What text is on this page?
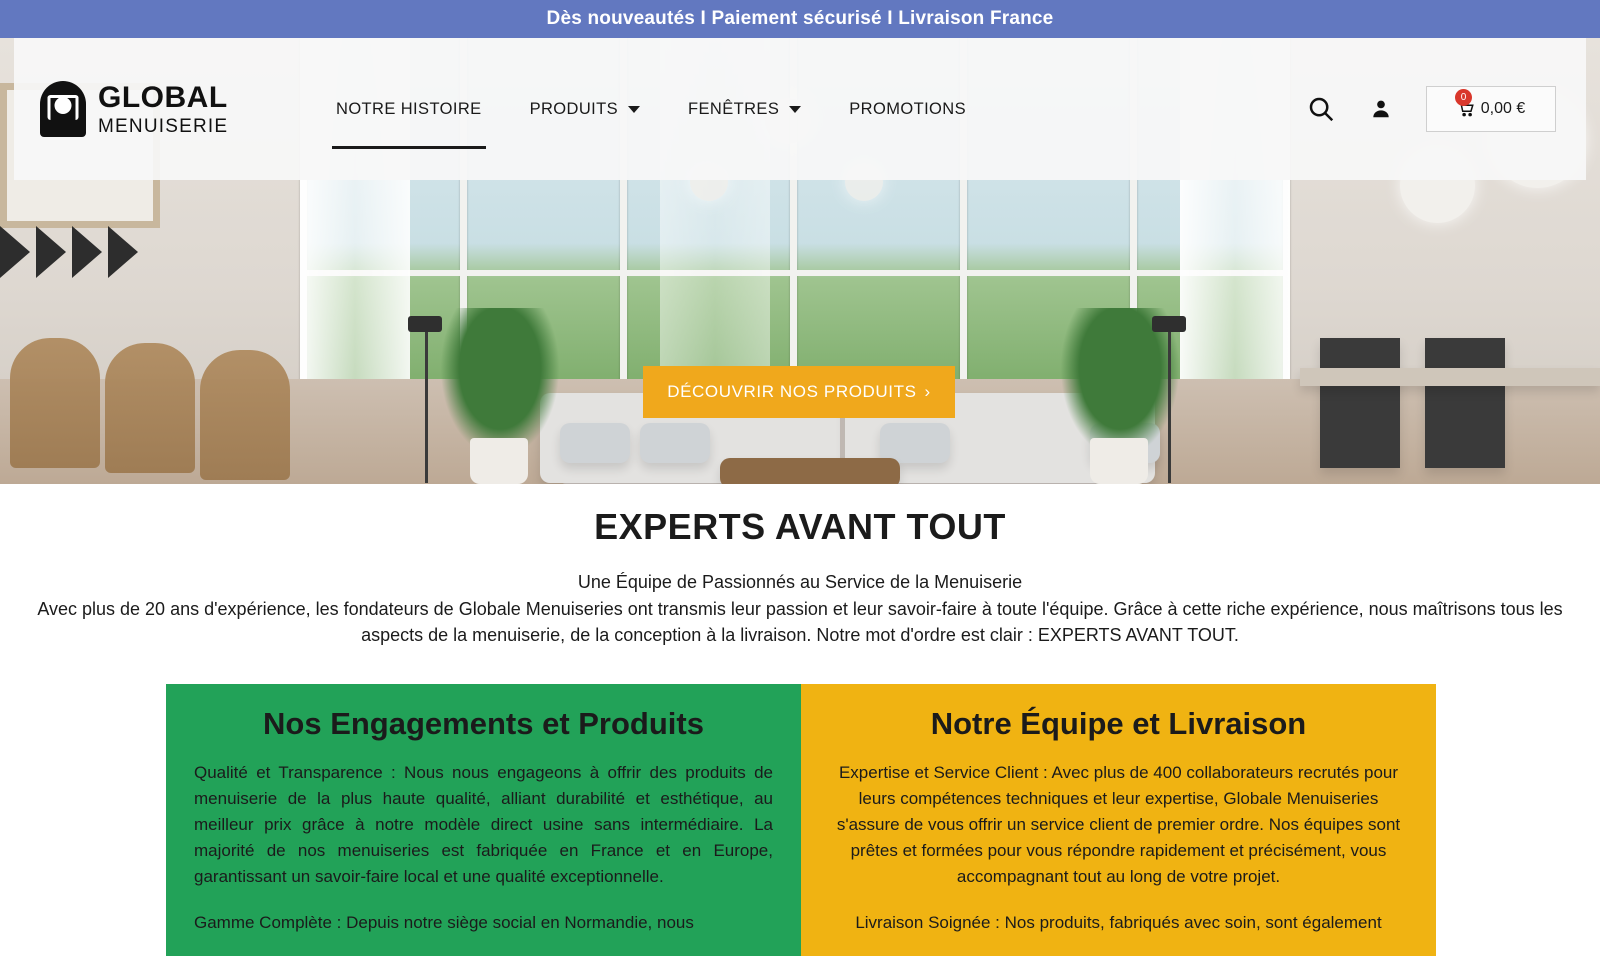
Dès nouveautés I Paiement sécurisé I Livraison France
DÉCOUVRIR NOS PRODUITS ›
GLOBAL
MENUISERIE
NOTRE HISTOIRE	PRODUITS	FENÊTRES	PROMOTIONS
0
0,00 €
EXPERTS AVANT TOUT
Une Équipe de Passionnés au Service de la Menuiserie

Avec plus de 20 ans d'expérience, les fondateurs de Globale Menuiseries ont transmis leur passion et leur savoir-faire à toute l'équipe. Grâce à cette riche expérience, nous maîtrisons tous les aspects de la menuiserie, de la conception à la livraison. Notre mot d'ordre est clair : EXPERTS AVANT TOUT.

Nos Engagements et Produits

Qualité et Transparence : Nous nous engageons à offrir des produits de menuiserie de la plus haute qualité, alliant durabilité et esthétique, au meilleur prix grâce à notre modèle direct usine sans intermédiaire. La majorité de nos menuiseries est fabriquée en France et en Europe, garantissant un savoir-faire local et une qualité exceptionnelle.

Gamme Complète : Depuis notre siège social en Normandie, nous

Notre Équipe et Livraison

Expertise et Service Client : Avec plus de 400 collaborateurs recrutés pour leurs compétences techniques et leur expertise, Globale Menuiseries s'assure de vous offrir un service client de premier ordre. Nos équipes sont prêtes et formées pour vous répondre rapidement et précisément, vous accompagnant tout au long de votre projet.

Livraison Soignée : Nos produits, fabriqués avec soin, sont également
